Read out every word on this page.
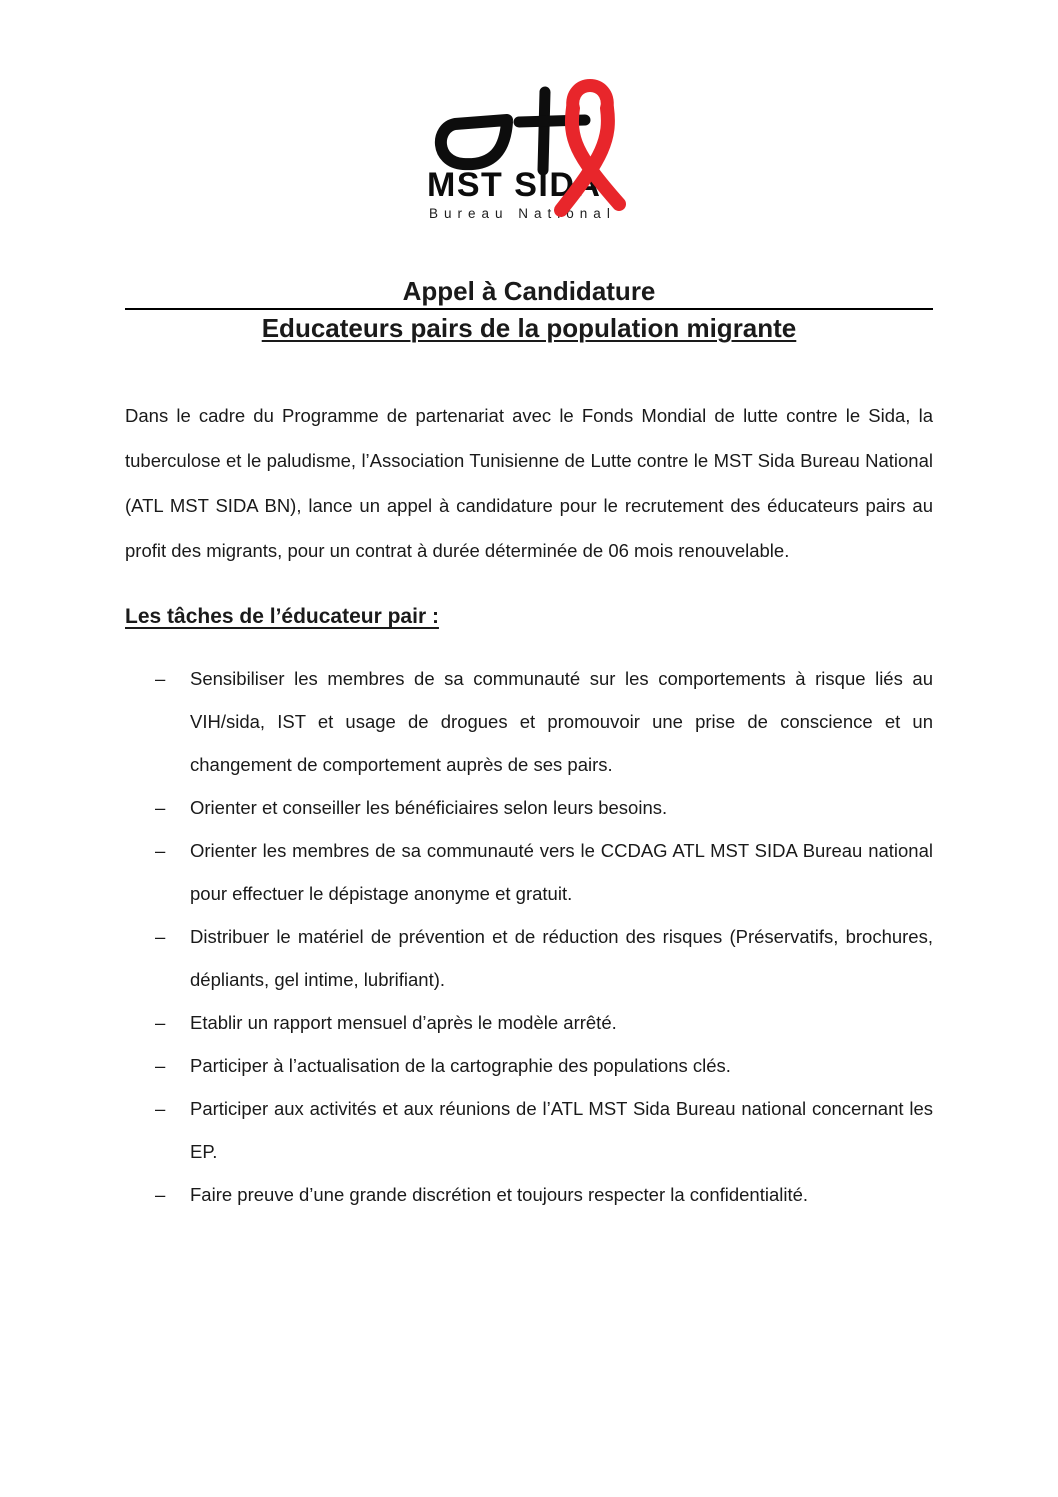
MST SIDA
Bureau National
Appel à Candidature
Educateurs pairs de la population migrante

Dans le cadre du Programme de partenariat avec le Fonds Mondial de lutte contre le Sida, la tuberculose et le paludisme, l’Association Tunisienne de Lutte contre le MST Sida Bureau National (ATL MST SIDA BN), lance un appel à candidature pour le recrutement des éducateurs pairs au profit des migrants, pour un contrat à durée déterminée de 06 mois renouvelable.

Les tâches de l’éducateur pair :
– Sensibiliser les membres de sa communauté sur les comportements à risque liés au VIH/sida, IST et usage de drogues et promouvoir une prise de conscience et un changement de comportement auprès de ses pairs.
– Orienter et conseiller les bénéficiaires selon leurs besoins.
– Orienter les membres de sa communauté vers le CCDAG ATL MST SIDA Bureau national pour effectuer le dépistage anonyme et gratuit.
– Distribuer le matériel de prévention et de réduction des risques (Préservatifs, brochures, dépliants, gel intime, lubrifiant).
– Etablir un rapport mensuel d’après le modèle arrêté.
– Participer à l’actualisation de la cartographie des populations clés.
– Participer aux activités et aux réunions de l’ATL MST Sida Bureau national concernant les EP.
– Faire preuve d’une grande discrétion et toujours respecter la confidentialité.
